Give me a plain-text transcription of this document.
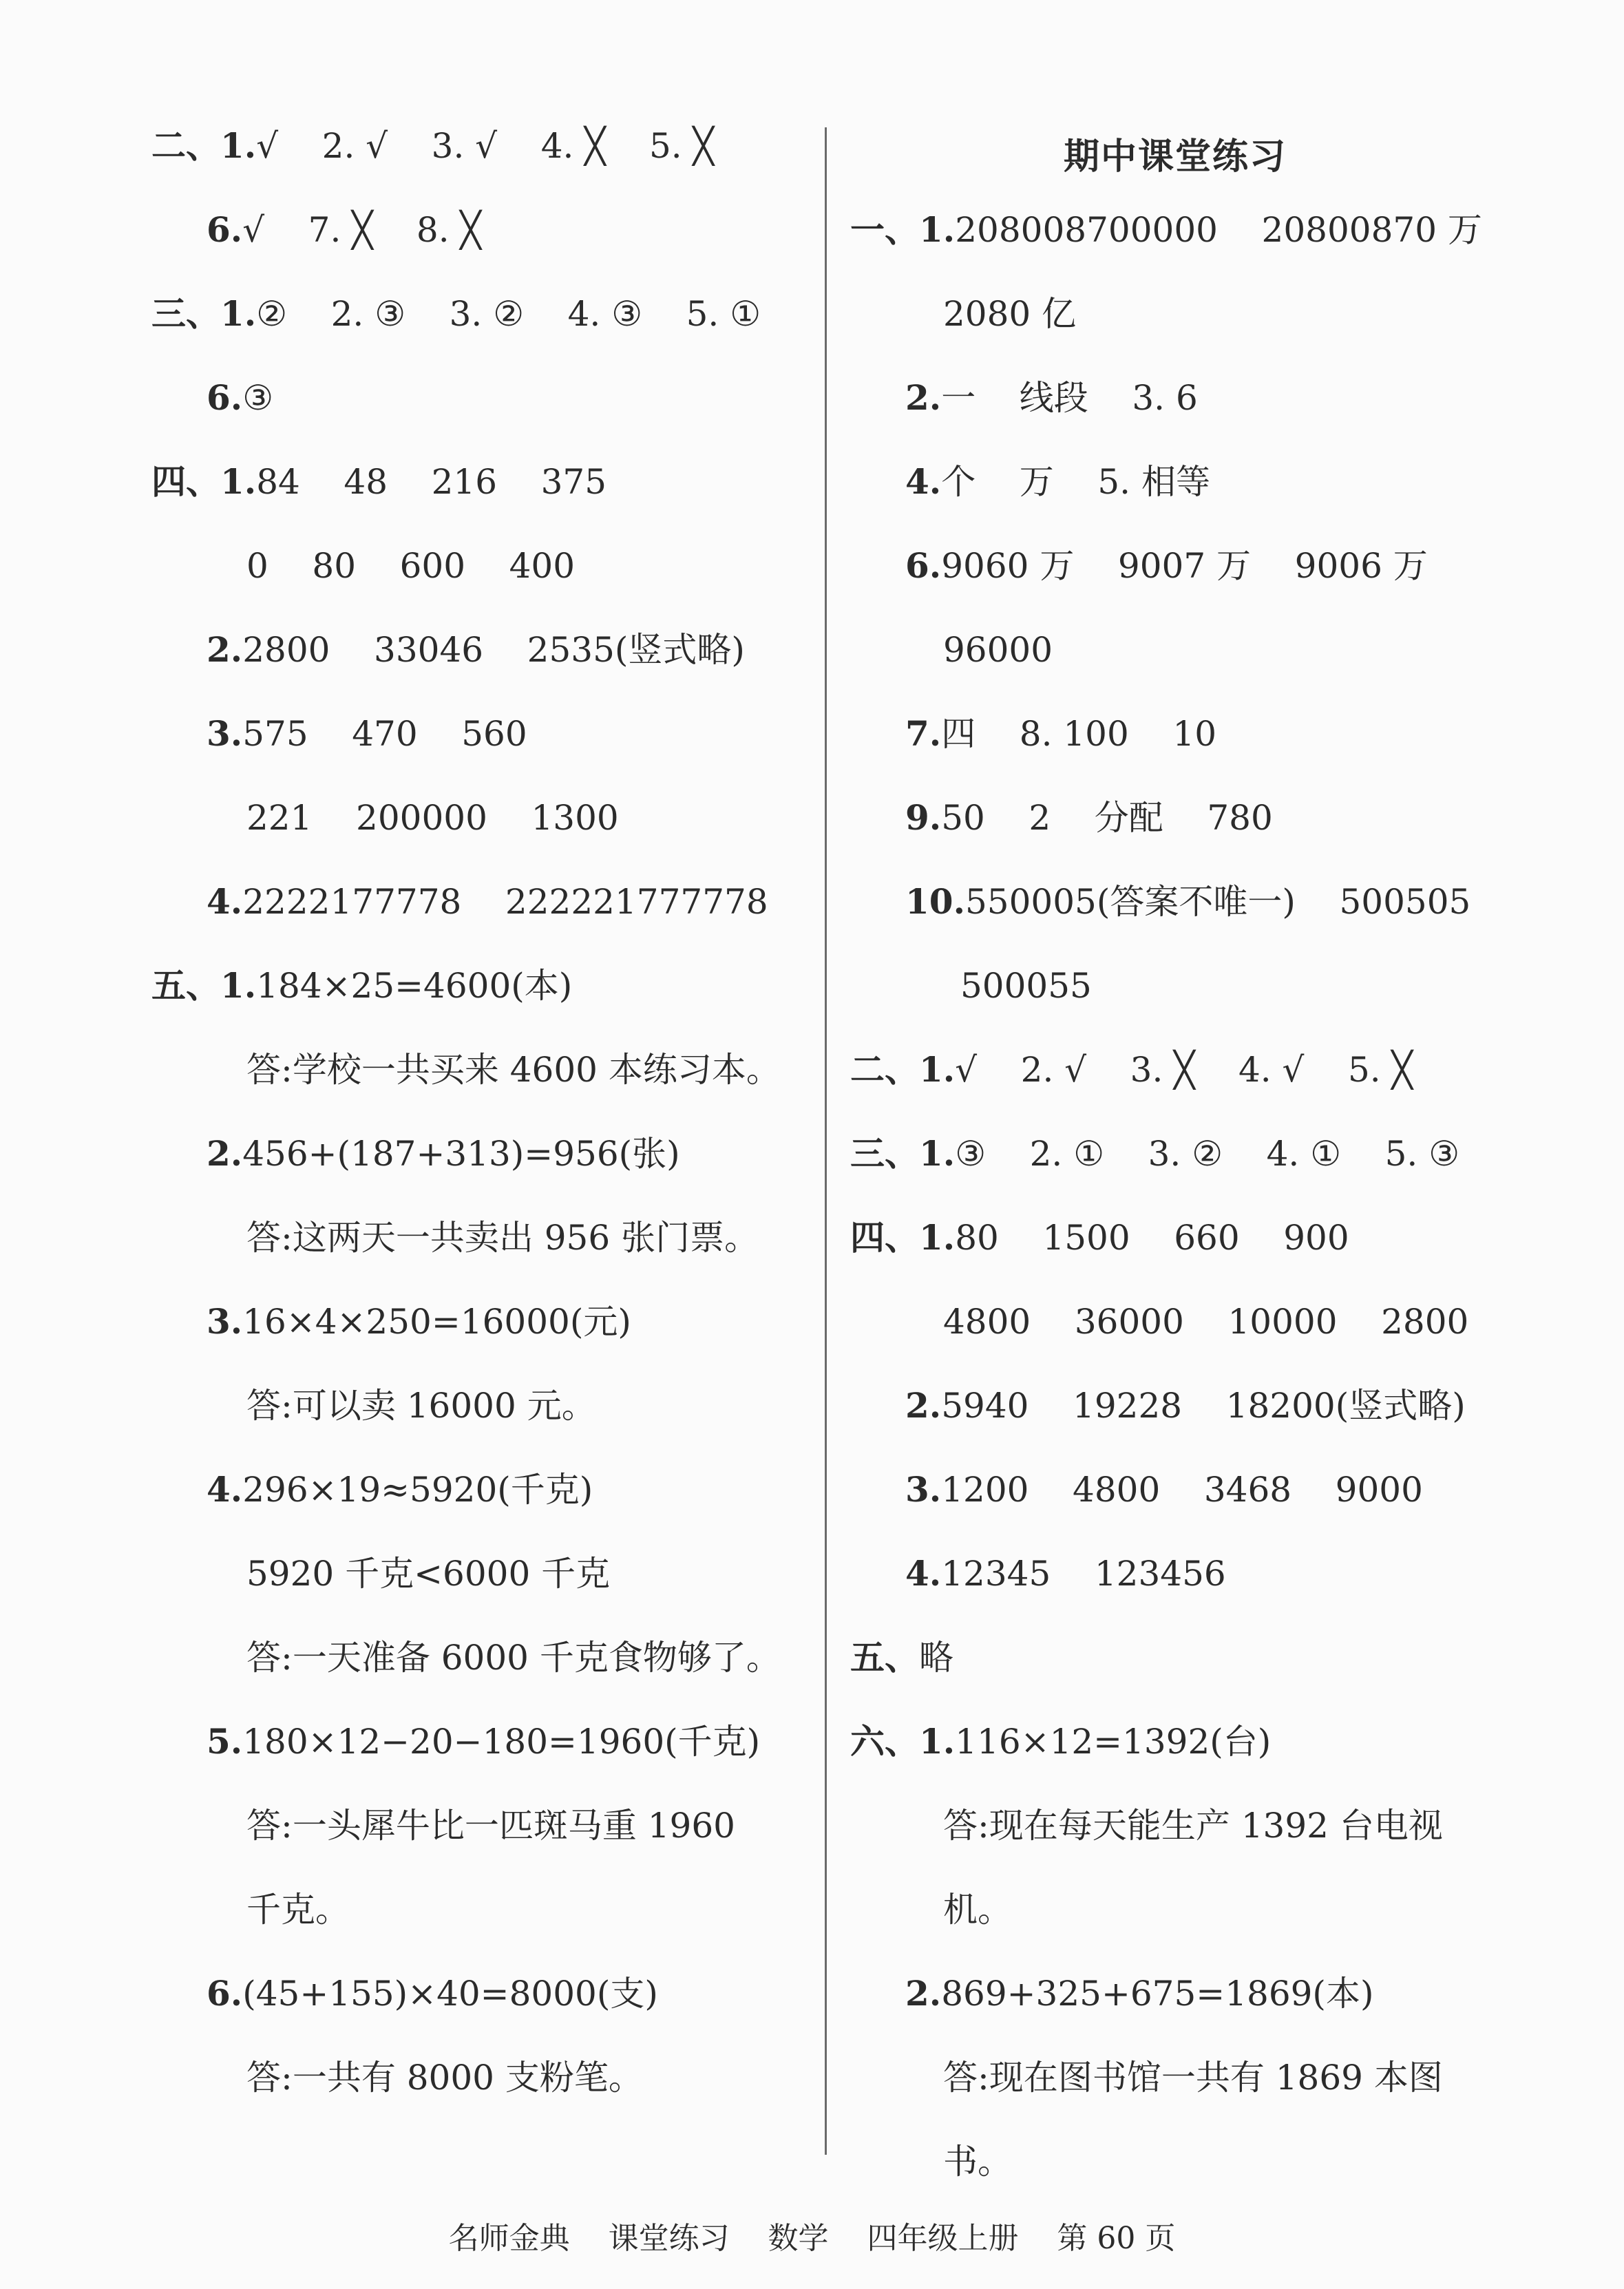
二、1.√    2. √    3. √    4. ╳    5. ╳
6.√    7. ╳    8. ╳
三、1.②    2. ③    3. ②    4. ③    5. ①
6.③
四、1.84    48    216    375
0    80    600    400
2.2800    33046    2535(竖式略)
3.575    470    560
221    200000    1300
4.2222177778    222221777778
五、1.184×25=4600(本)
答:学校一共买来 4600 本练习本。
2.456+(187+313)=956(张)
答:这两天一共卖出 956 张门票。
3.16×4×250=16000(元)
答:可以卖 16000 元。
4.296×19≈5920(千克)
5920 千克<6000 千克
答:一天准备 6000 千克食物够了。
5.180×12−20−180=1960(千克)
答:一头犀牛比一匹斑马重 1960
千克。
6.(45+155)×40=8000(支)
答:一共有 8000 支粉笔。
期中课堂练习
一、1.208008700000    20800870 万
2080 亿
2.一    线段    3. 6
4.个    万    5. 相等
6.9060 万    9007 万    9006 万
96000
7.四    8. 100    10
9.50    2    分配    780
10.550005(答案不唯一)    500505
500055
二、1.√    2. √    3. ╳    4. √    5. ╳
三、1.③    2. ①    3. ②    4. ①    5. ③
四、1.80    1500    660    900
4800    36000    10000    2800
2.5940    19228    18200(竖式略)
3.1200    4800    3468    9000
4.12345    123456
五、略
六、1.116×12=1392(台)
答:现在每天能生产 1392 台电视
机。
2.869+325+675=1869(本)
答:现在图书馆一共有 1869 本图
书。
名师金典    课堂练习    数学    四年级上册    第 60 页
